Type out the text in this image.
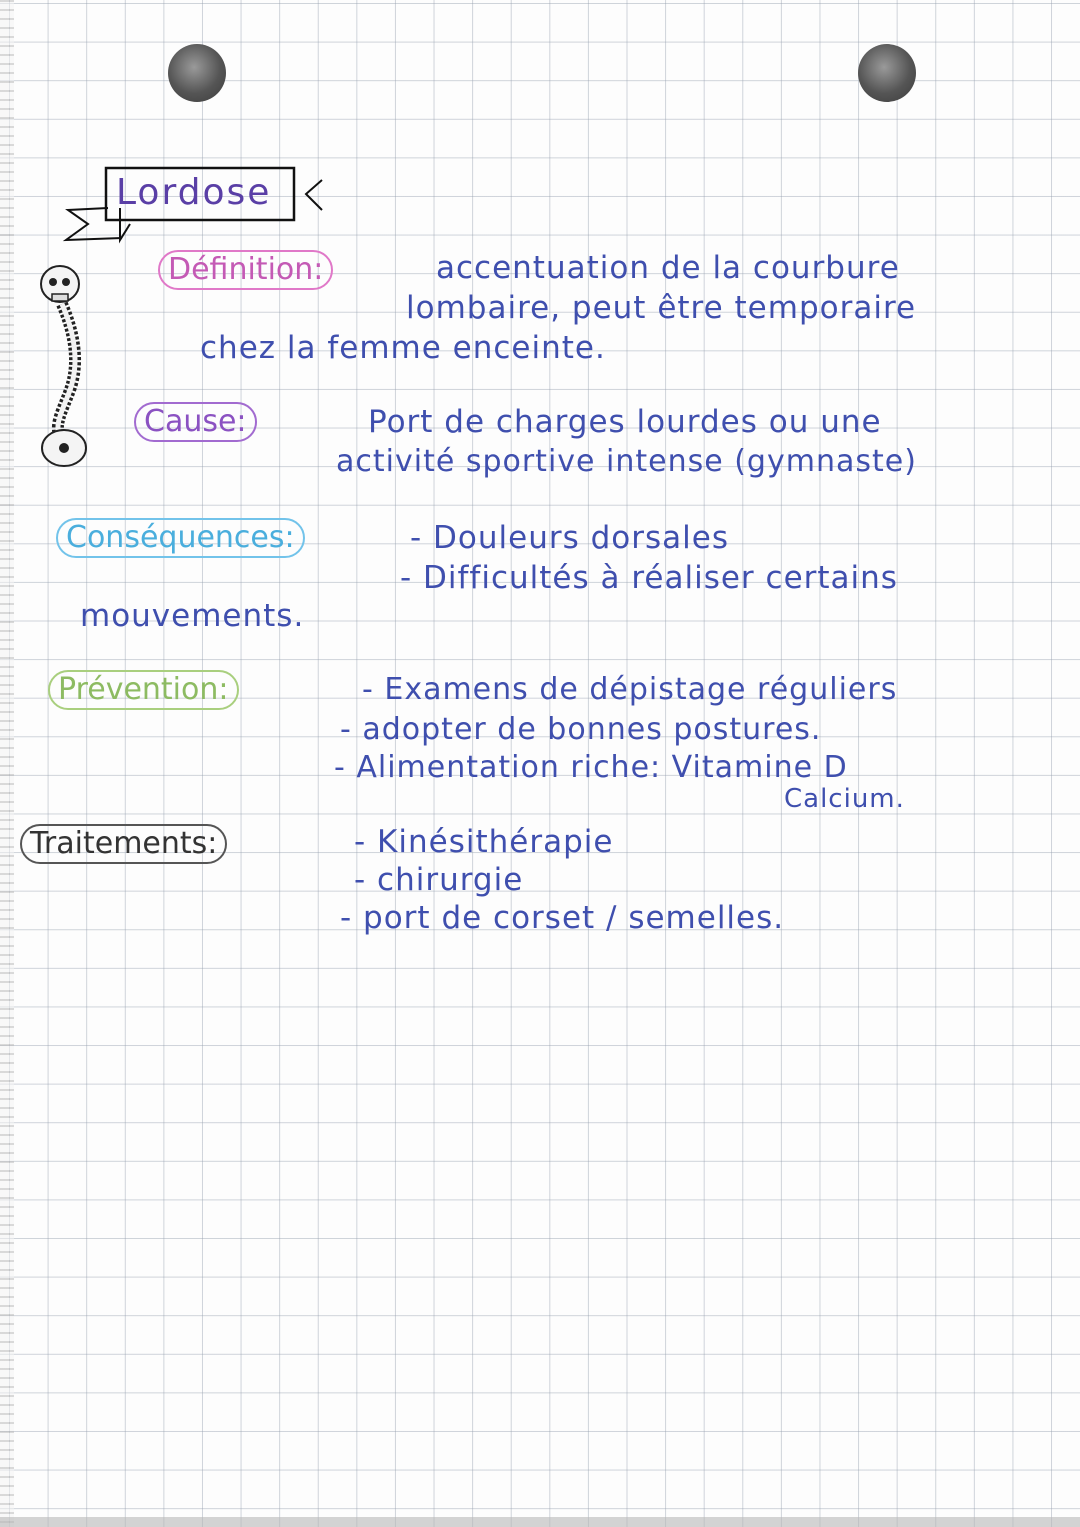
Lordose
Définition:	accentuation de la courbure
lombaire, peut être temporaire
chez la femme enceinte.
Cause:	Port de charges lourdes ou une
activité sportive intense (gymnaste)
Conséquences:	- Douleurs dorsales
- Difficultés à réaliser certains
mouvements.
Prévention:	- Examens de dépistage réguliers
- adopter de bonnes postures.
- Alimentation riche: Vitamine D
Calcium.
Traitements:	- Kinésithérapie
- chirurgie
- port de corset / semelles.
